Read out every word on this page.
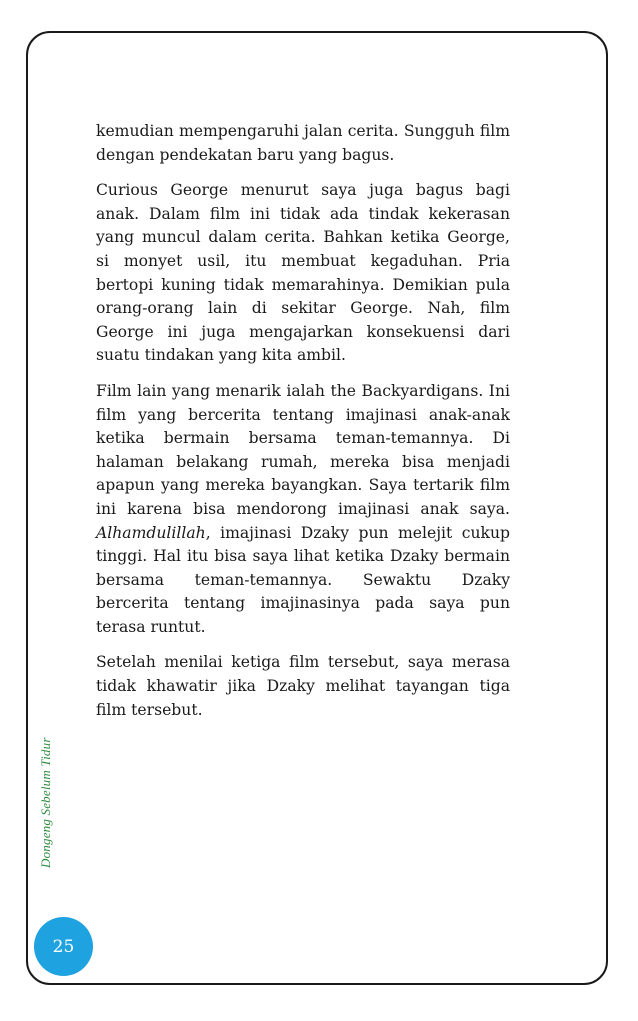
kemudian mempengaruhi jalan cerita. Sungguh film dengan pendekatan baru yang bagus.

Curious George menurut saya juga bagus bagi anak. Dalam film ini tidak ada tindak kekerasan yang muncul dalam cerita. Bahkan ketika George, si monyet usil, itu membuat kegaduhan. Pria bertopi kuning tidak memarahinya. Demikian pula orang-orang lain di sekitar George. Nah, film George ini juga mengajarkan konsekuensi dari suatu tindakan yang kita ambil.

Film lain yang menarik ialah the Backyardigans. Ini film yang bercerita tentang imajinasi anak-anak ketika bermain bersama teman-temannya. Di halaman belakang rumah, mereka bisa menjadi apapun yang mereka bayangkan. Saya tertarik film ini karena bisa mendorong imajinasi anak saya. Alhamdulillah, imajinasi Dzaky pun melejit cukup tinggi. Hal itu bisa saya lihat ketika Dzaky bermain bersama teman-temannya. Sewaktu Dzaky bercerita tentang imajinasinya pada saya pun terasa runtut.

Setelah menilai ketiga film tersebut, saya merasa tidak khawatir jika Dzaky melihat tayangan tiga film tersebut.

Dongeng Sebelum Tidur
25
